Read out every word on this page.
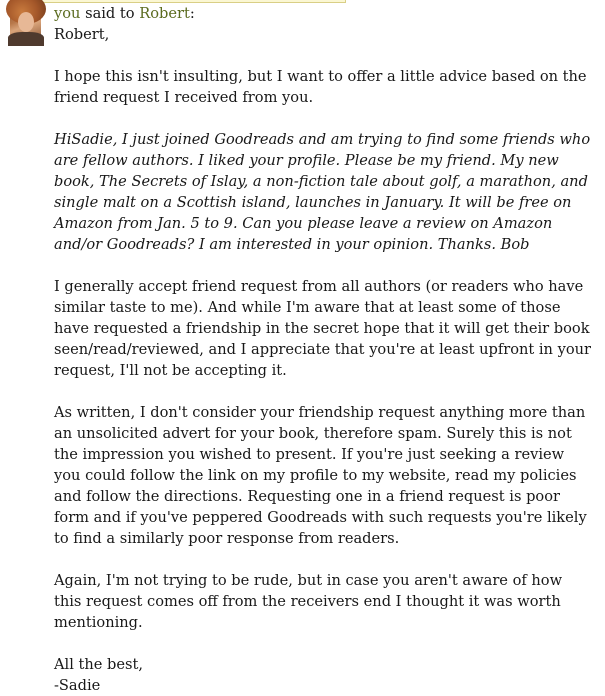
you said to Robert:

Robert,

I hope this isn't insulting, but I want to offer a little advice based on the friend request I received from you.

HiSadie, I just joined Goodreads and am trying to find some friends who are fellow authors. I liked your profile. Please be my friend. My new book, The Secrets of Islay, a non-fiction tale about golf, a marathon, and single malt on a Scottish island, launches in January. It will be free on Amazon from Jan. 5 to 9. Can you please leave a review on Amazon and/or Goodreads? I am interested in your opinion. Thanks. Bob

I generally accept friend request from all authors (or readers who have similar taste to me). And while I'm aware that at least some of those have requested a friendship in the secret hope that it will get their book seen/read/reviewed, and I appreciate that you're at least upfront in your request, I'll not be accepting it.

As written, I don't consider your friendship request anything more than an unsolicited advert for your book, therefore spam. Surely this is not the impression you wished to present. If you're just seeking a review you could follow the link on my profile to my website, read my policies and follow the directions. Requesting one in a friend request is poor form and if you've peppered Goodreads with such requests you're likely to find a similarly poor response from readers.

Again, I'm not trying to be rude, but in case you aren't aware of how this request comes off from the receivers end I thought it was worth mentioning.

All the best,

-Sadie
